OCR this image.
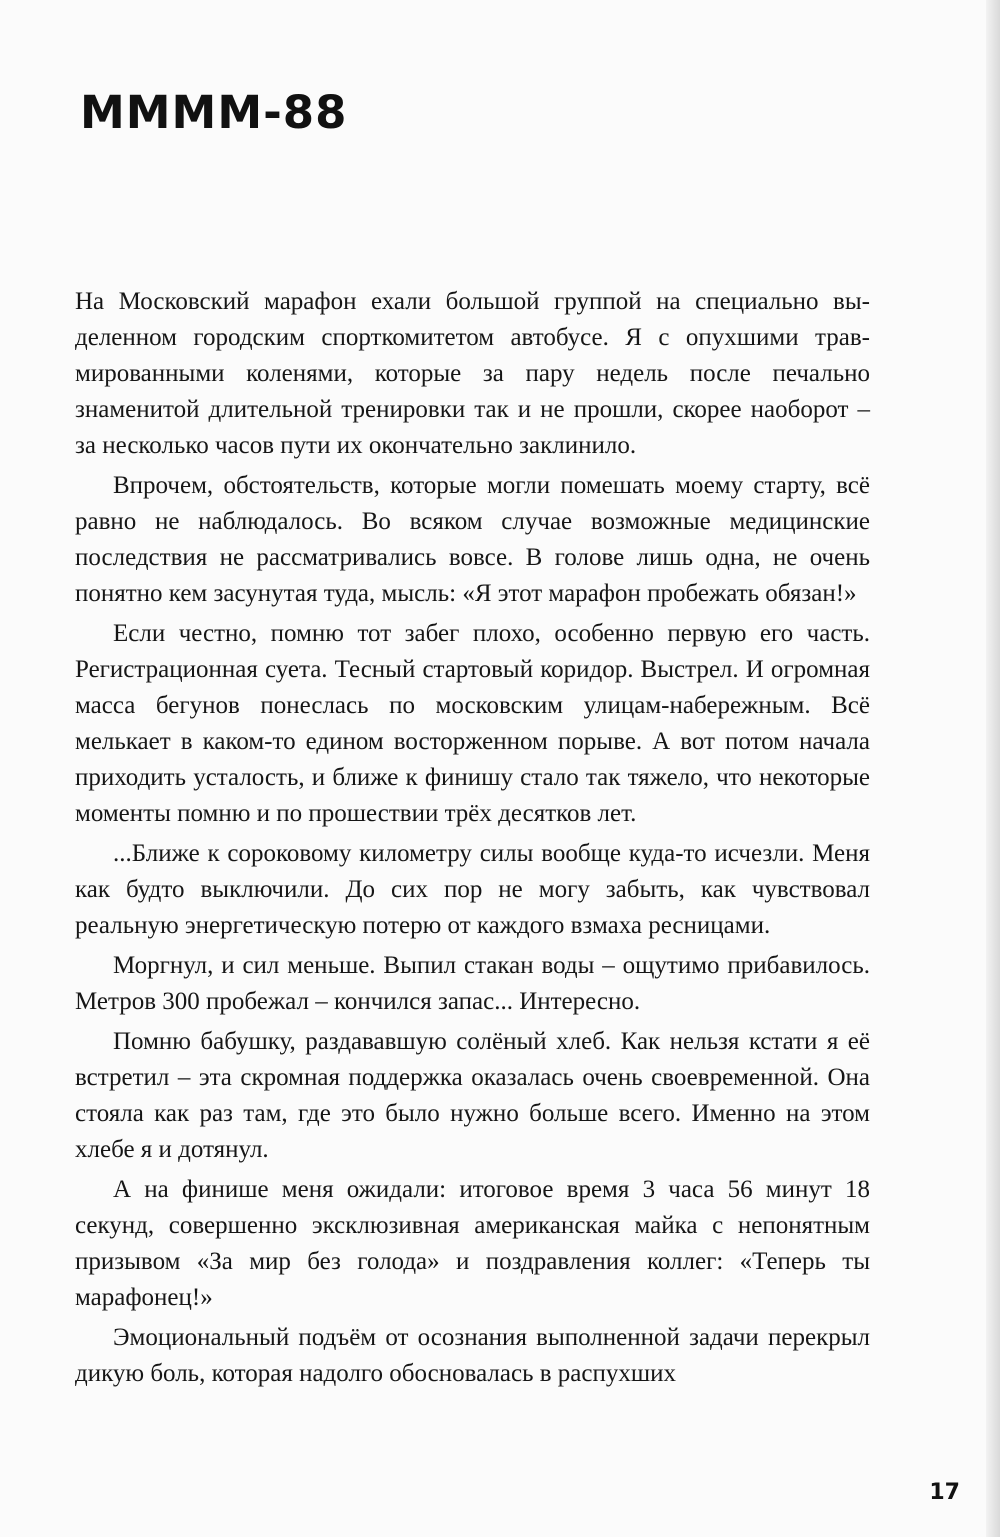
ММММ-88

На Московский марафон ехали большой группой на специально выделенном городским спорткомитетом автобусе. Я с опухшими травмированными коленями, которые за пару недель после печально знаменитой длительной тренировки так и не прошли, скорее наоборот – за несколько часов пути их окончательно заклинило.

Впрочем, обстоятельств, которые могли помешать моему старту, всё равно не наблюдалось. Во всяком случае возможные медицинские последствия не рассматривались вовсе. В голове лишь одна, не очень понятно кем засунутая туда, мысль: «Я этот марафон пробежать обязан!»

Если честно, помню тот забег плохо, особенно первую его часть. Регистрационная суета. Тесный стартовый коридор. Выстрел. И огромная масса бегунов понеслась по московским улицам-набережным. Всё мелькает в каком-то едином восторженном порыве. А вот потом начала приходить усталость, и ближе к финишу стало так тяжело, что некоторые моменты помню и по прошествии трёх десятков лет.

...Ближе к сороковому километру силы вообще куда-то исчезли. Меня как будто выключили. До сих пор не могу забыть, как чувствовал реальную энергетическую потерю от каждого взмаха ресницами.

Моргнул, и сил меньше. Выпил стакан воды – ощутимо прибавилось. Метров 300 пробежал – кончился запас... Интересно.

Помню бабушку, раздававшую солёный хлеб. Как нельзя кстати я её встретил – эта скромная поддержка оказалась очень своевременной. Она стояла как раз там, где это было нужно больше всего. Именно на этом хлебе я и дотянул.

А на финише меня ожидали: итоговое время 3 часа 56 минут 18 секунд, совершенно эксклюзивная американская майка с непонятным призывом «За мир без голода» и поздравления коллег: «Теперь ты марафонец!»

Эмоциональный подъём от осознания выполненной задачи перекрыл дикую боль, которая надолго обосновалась в распухших

17
